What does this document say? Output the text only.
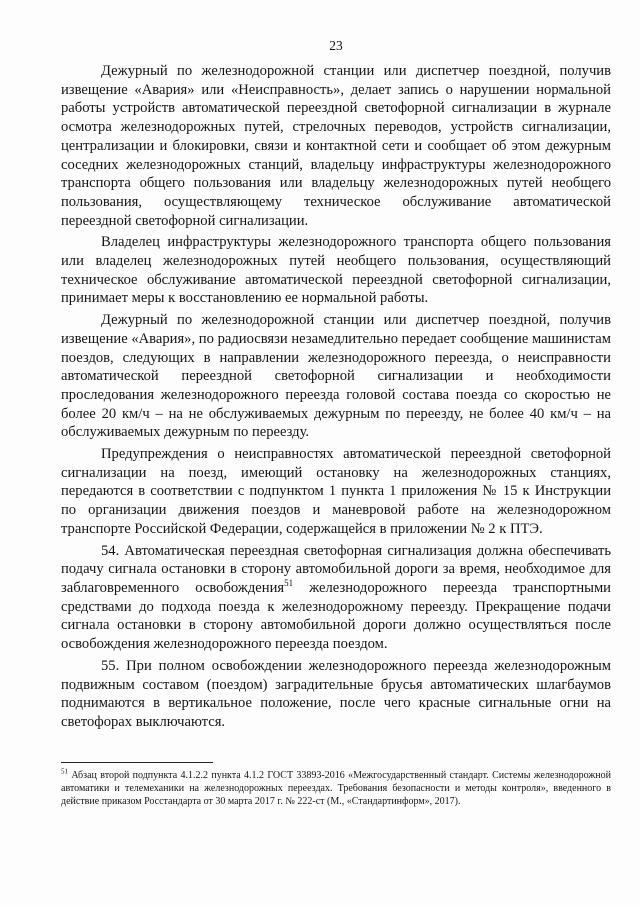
23

Дежурный по железнодорожной станции или диспетчер поездной, получив извещение «Авария» или «Неисправность», делает запись о нарушении нормальной работы устройств автоматической переездной светофорной сигнализации в журнале осмотра железнодорожных путей, стрелочных переводов, устройств сигнализации, централизации и блокировки, связи и контактной сети и сообщает об этом дежурным соседних железнодорожных станций, владельцу инфраструктуры железнодорожного транспорта общего пользования или владельцу железнодорожных путей необщего пользования, осуществляющему техническое обслуживание автоматической переездной светофорной сигнализации.

Владелец инфраструктуры железнодорожного транспорта общего пользования или владелец железнодорожных путей необщего пользования, осуществляющий техническое обслуживание автоматической переездной светофорной сигнализации, принимает меры к восстановлению ее нормальной работы.

Дежурный по железнодорожной станции или диспетчер поездной, получив извещение «Авария», по радиосвязи незамедлительно передает сообщение машинистам поездов, следующих в направлении железнодорожного переезда, о неисправности автоматической переездной светофорной сигнализации и необходимости проследования железнодорожного переезда головой состава поезда со скоростью не более 20 км/ч – на не обслуживаемых дежурным по переезду, не более 40 км/ч – на обслуживаемых дежурным по переезду.

Предупреждения о неисправностях автоматической переездной светофорной сигнализации на поезд, имеющий остановку на железнодорожных станциях, передаются в соответствии с подпунктом 1 пункта 1 приложения № 15 к Инструкции по организации движения поездов и маневровой работе на железнодорожном транспорте Российской Федерации, содержащейся в приложении № 2 к ПТЭ.

54. Автоматическая переездная светофорная сигнализация должна обеспечивать подачу сигнала остановки в сторону автомобильной дороги за время, необходимое для заблаговременного освобождения$^{51}$ железнодорожного переезда транспортными средствами до подхода поезда к железнодорожному переезду. Прекращение подачи сигнала остановки в сторону автомобильной дороги должно осуществляться после освобождения железнодорожного переезда поездом.

55. При полном освобождении железнодорожного переезда железнодорожным подвижным составом (поездом) заградительные брусья автоматических шлагбаумов поднимаются в вертикальное положение, после чего красные сигнальные огни на светофорах выключаются.

$^{51}$ Абзац второй подпункта 4.1.2.2 пункта 4.1.2 ГОСТ 33893-2016 «Межгосударственный стандарт. Системы железнодорожной автоматики и телемеханики на железнодорожных переездах. Требования безопасности и методы контроля», введенного в действие приказом Росстандарта от 30 марта 2017 г. № 222-ст (М., «Стандартинформ», 2017).
